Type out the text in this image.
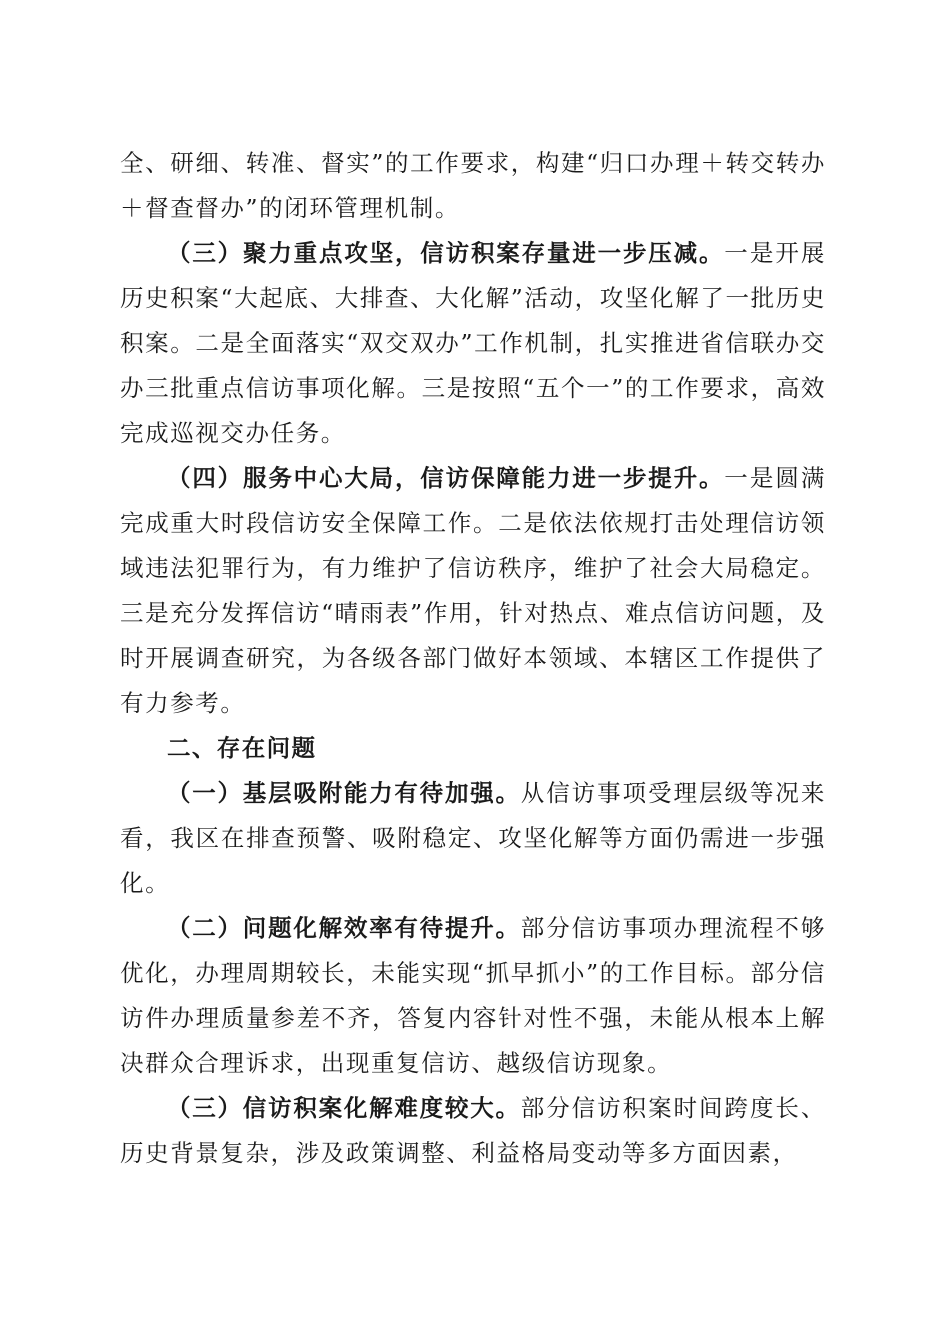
全、研细、转准、督实”的工作要求，构建“归口办理＋转交转办＋督查督办”的闭环管理机制。

（三）聚力重点攻坚，信访积案存量进一步压减。一是开展历史积案“大起底、大排查、大化解”活动，攻坚化解了一批历史积案。二是全面落实“双交双办”工作机制，扎实推进省信联办交办三批重点信访事项化解。三是按照“五个一”的工作要求，高效完成巡视交办任务。

（四）服务中心大局，信访保障能力进一步提升。一是圆满完成重大时段信访安全保障工作。二是依法依规打击处理信访领域违法犯罪行为，有力维护了信访秩序，维护了社会大局稳定。三是充分发挥信访“晴雨表”作用，针对热点、难点信访问题，及时开展调查研究，为各级各部门做好本领域、本辖区工作提供了有力参考。

二、存在问题

（一）基层吸附能力有待加强。从信访事项受理层级等况来看，我区在排查预警、吸附稳定、攻坚化解等方面仍需进一步强化。

（二）问题化解效率有待提升。部分信访事项办理流程不够优化，办理周期较长，未能实现“抓早抓小”的工作目标。部分信访件办理质量参差不齐，答复内容针对性不强，未能从根本上解决群众合理诉求，出现重复信访、越级信访现象。

（三）信访积案化解难度较大。部分信访积案时间跨度长、历史背景复杂，涉及政策调整、利益格局变动等多方面因素，
